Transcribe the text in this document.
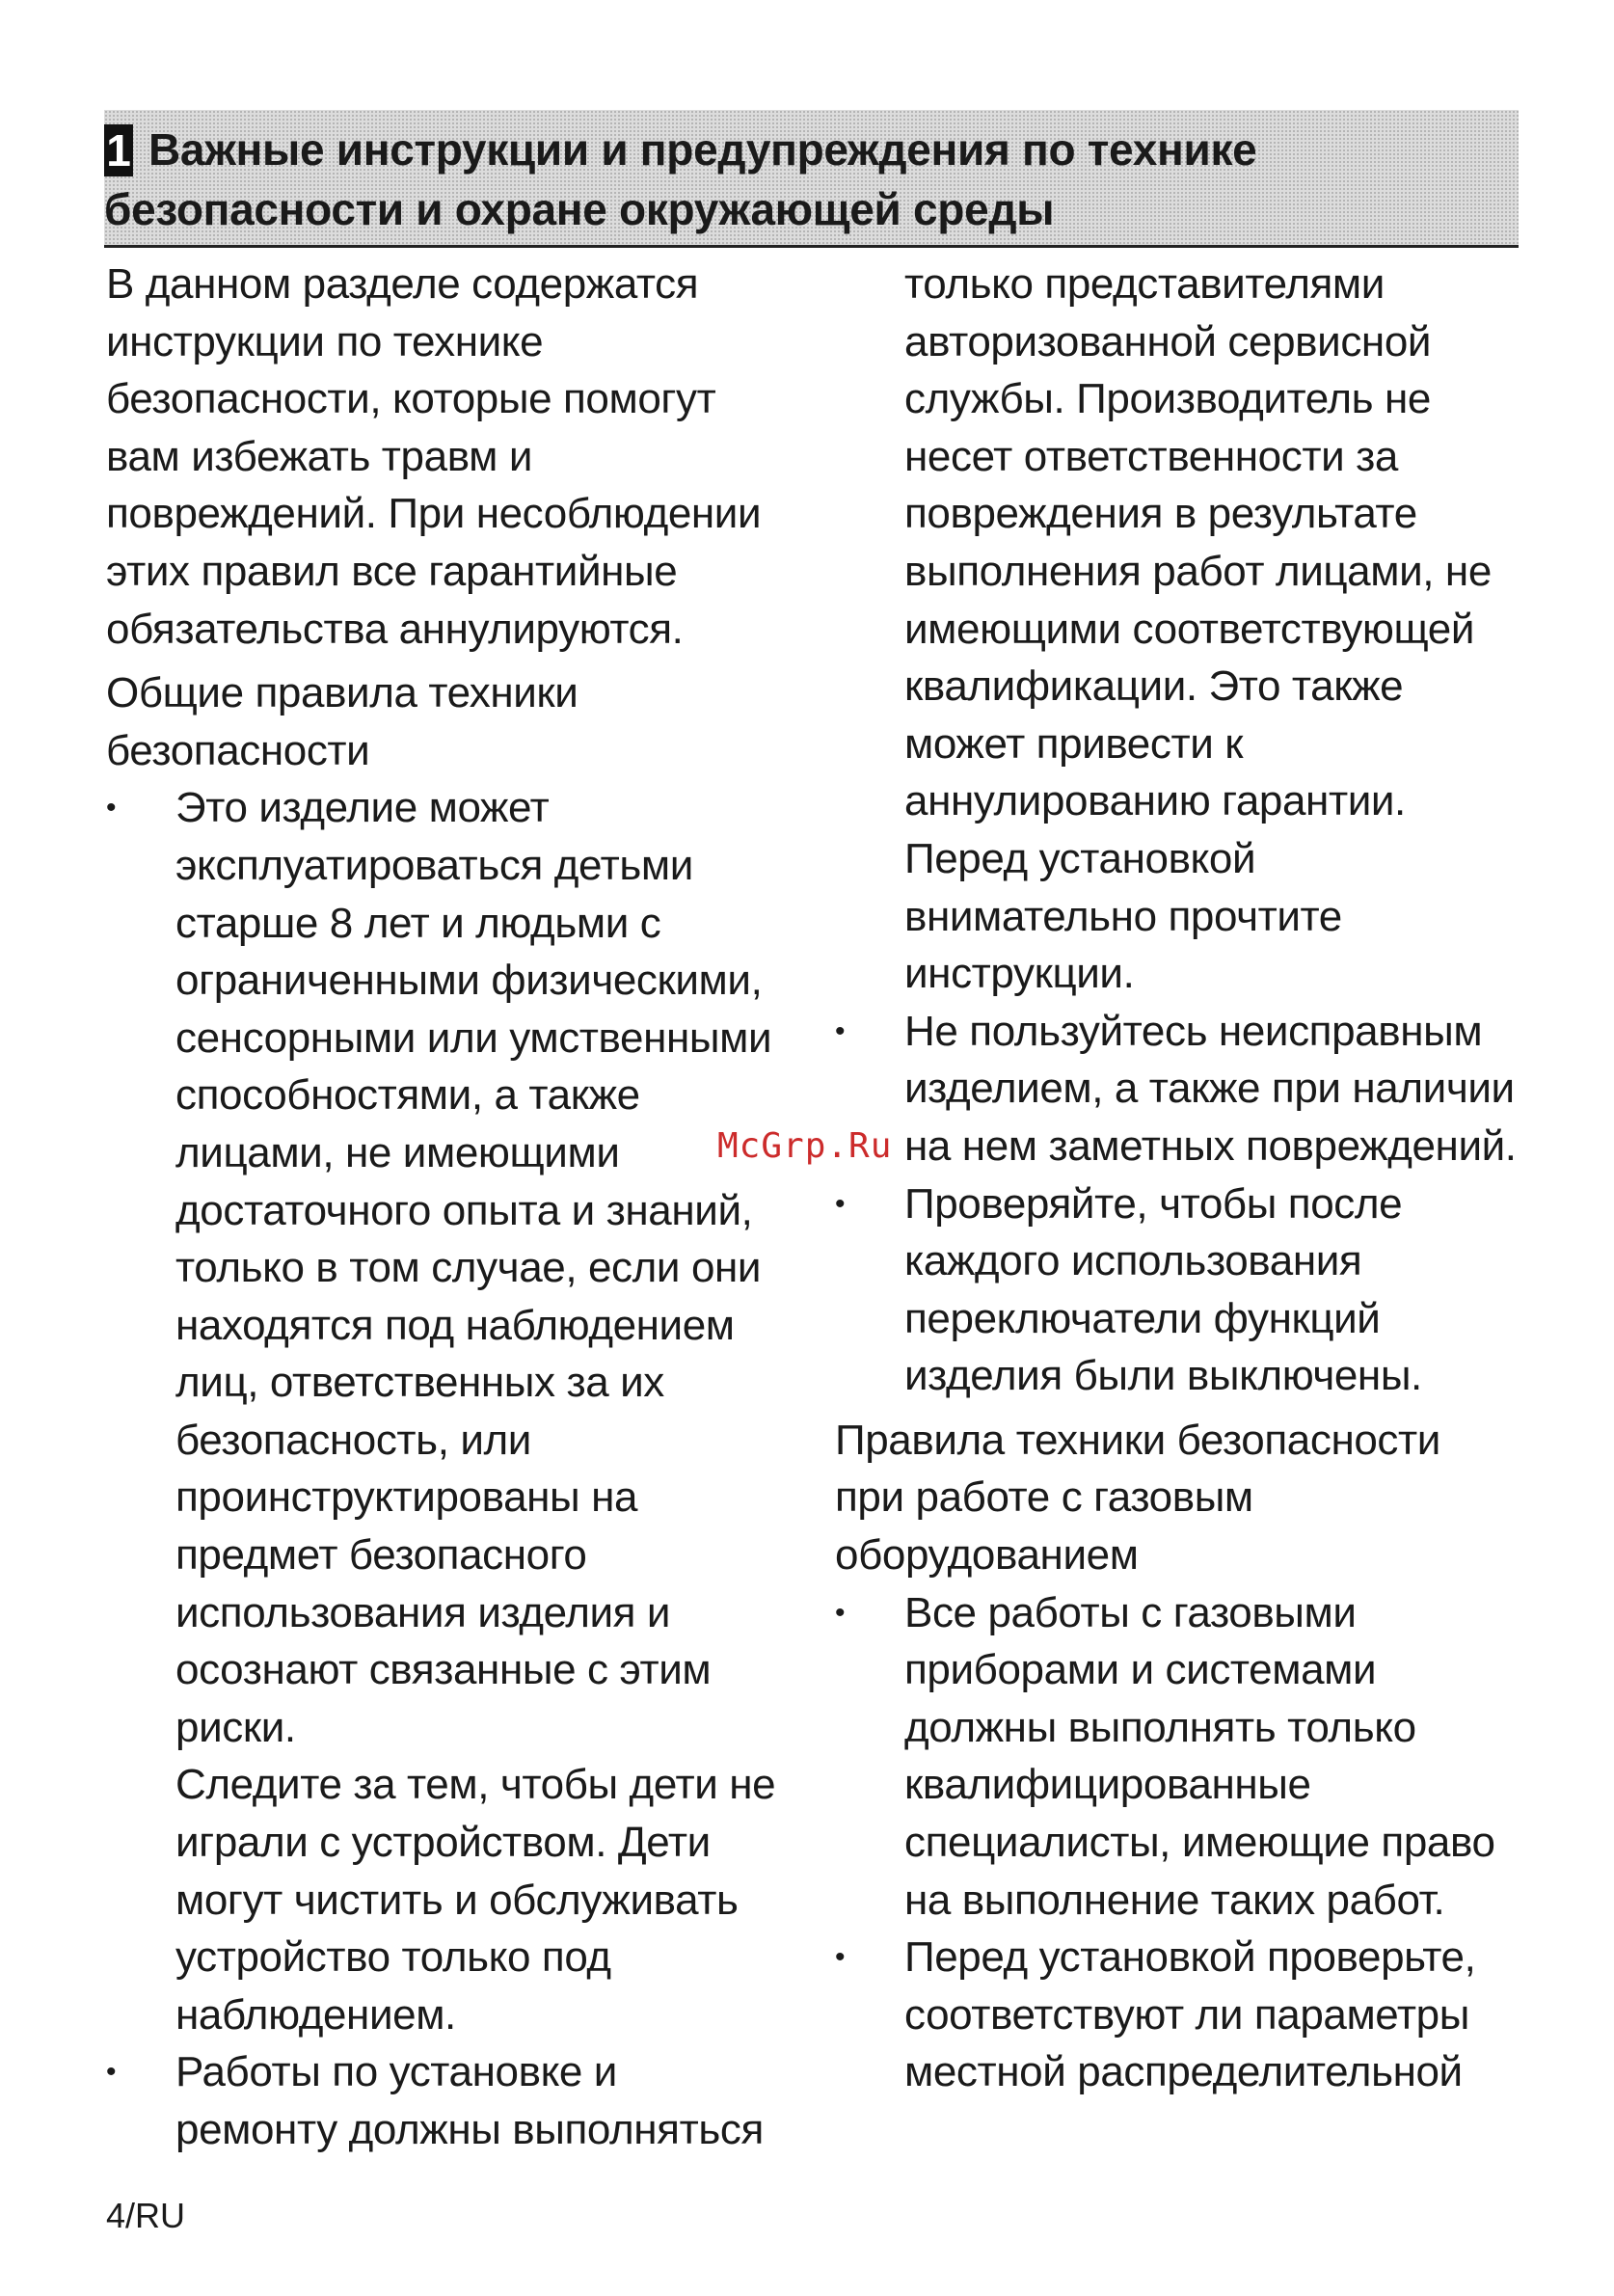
1 Важные инструкции и предупреждения по технике
безопасности и охране окружающей среды

В данном разделе содержатся
инструкции по технике
безопасности, которые помогут
вам избежать травм и
повреждений. При несоблюдении
этих правил все гарантийные
обязательства аннулируются.

Общие правила техники
безопасности

• Это изделие может
эксплуатироваться детьми
старше 8 лет и людьми с
ограниченными физическими,
сенсорными или умственными
способностями, а также
лицами, не имеющими
достаточного опыта и знаний,
только в том случае, если они
находятся под наблюдением
лиц, ответственных за их
безопасность, или
проинструктированы на
предмет безопасного
использования изделия и
осознают связанные с этим
риски.

Следите за тем, чтобы дети не
играли с устройством. Дети
могут чистить и обслуживать
устройство только под
наблюдением.

• Работы по установке и
ремонту должны выполняться

только представителями
авторизованной сервисной
службы. Производитель не
несет ответственности за
повреждения в результате
выполнения работ лицами, не
имеющими соответствующей
квалификации. Это также
может привести к
аннулированию гарантии.
Перед установкой
внимательно прочтите
инструкции.

• Не пользуйтесь неисправным
изделием, а также при наличии
на нем заметных повреждений.

• Проверяйте, чтобы после
каждого использования
переключатели функций
изделия были выключены.

Правила техники безопасности
при работе с газовым
оборудованием

• Все работы с газовыми
приборами и системами
должны выполнять только
квалифицированные
специалисты, имеющие право
на выполнение таких работ.

• Перед установкой проверьте,
соответствуют ли параметры
местной распределительной

McGrp.Ru
4/RU
